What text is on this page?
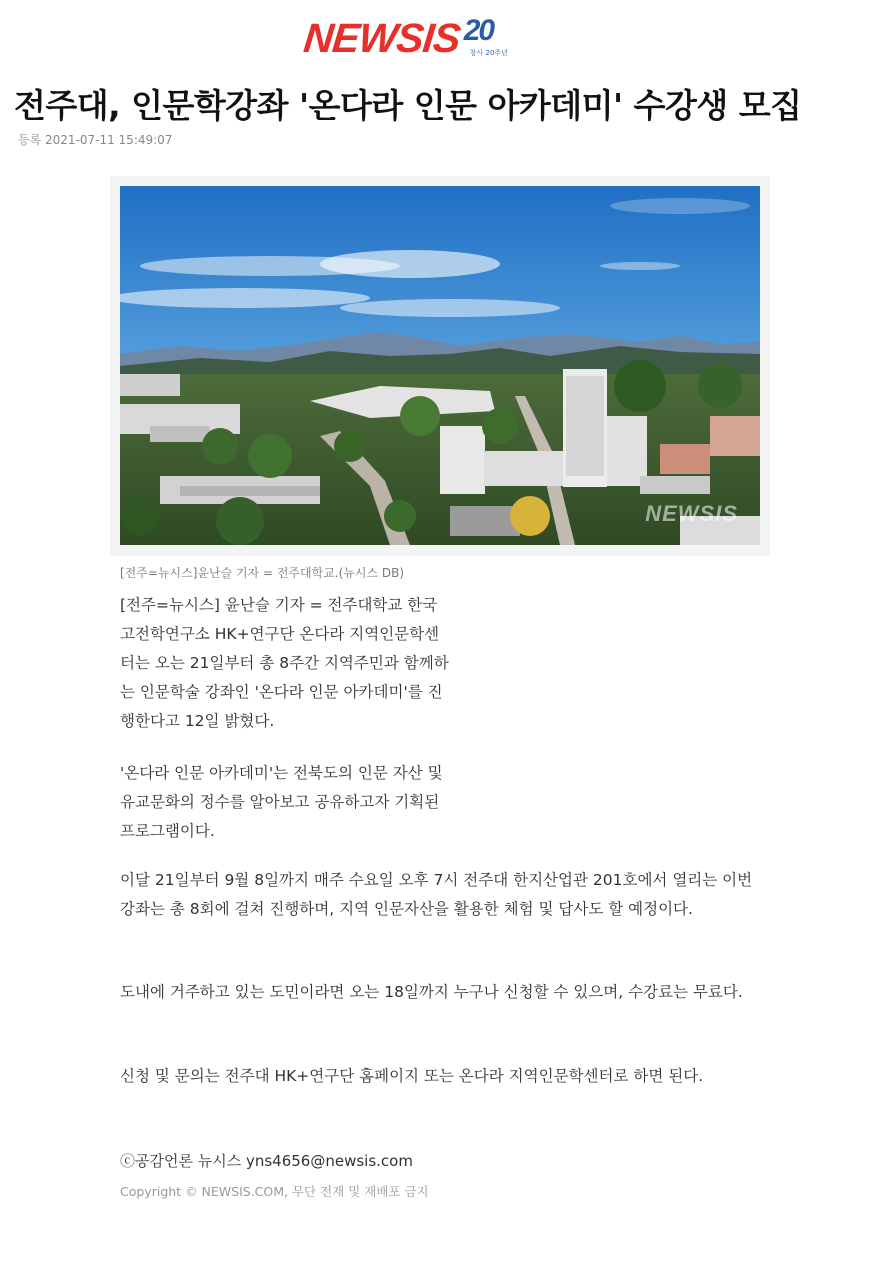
NEWSIS 20
창사 20주년
전주대, 인문학강좌 '온다라 인문 아카데미' 수강생 모집
등록 2021-07-11 15:49:07
NEWSIS
[전주=뉴시스]윤난슬 기자 = 전주대학교.(뉴시스 DB)

[전주=뉴시스] 윤난슬 기자 = 전주대학교 한국고전학연구소 HK+연구단 온다라 지역인문학센터는 오는 21일부터 총 8주간 지역주민과 함께하는 인문학술 강좌인 '온다라 인문 아카데미'를 진행한다고 12일 밝혔다.

'온다라 인문 아카데미'는 전북도의 인문 자산 및 유교문화의 정수를 알아보고 공유하고자 기획된 프로그램이다.

이달 21일부터 9월 8일까지 매주 수요일 오후 7시 전주대 한지산업관 201호에서 열리는 이번 강좌는 총 8회에 걸쳐 진행하며, 지역 인문자산을 활용한 체험 및 답사도 할 예정이다.

도내에 거주하고 있는 도민이라면 오는 18일까지 누구나 신청할 수 있으며, 수강료는 무료다.

신청 및 문의는 전주대 HK+연구단 홈페이지 또는 온다라 지역인문학센터로 하면 된다.

ⓒ공감언론 뉴시스 yns4656@newsis.com
Copyright © NEWSIS.COM, 무단 전재 및 재배포 금지
